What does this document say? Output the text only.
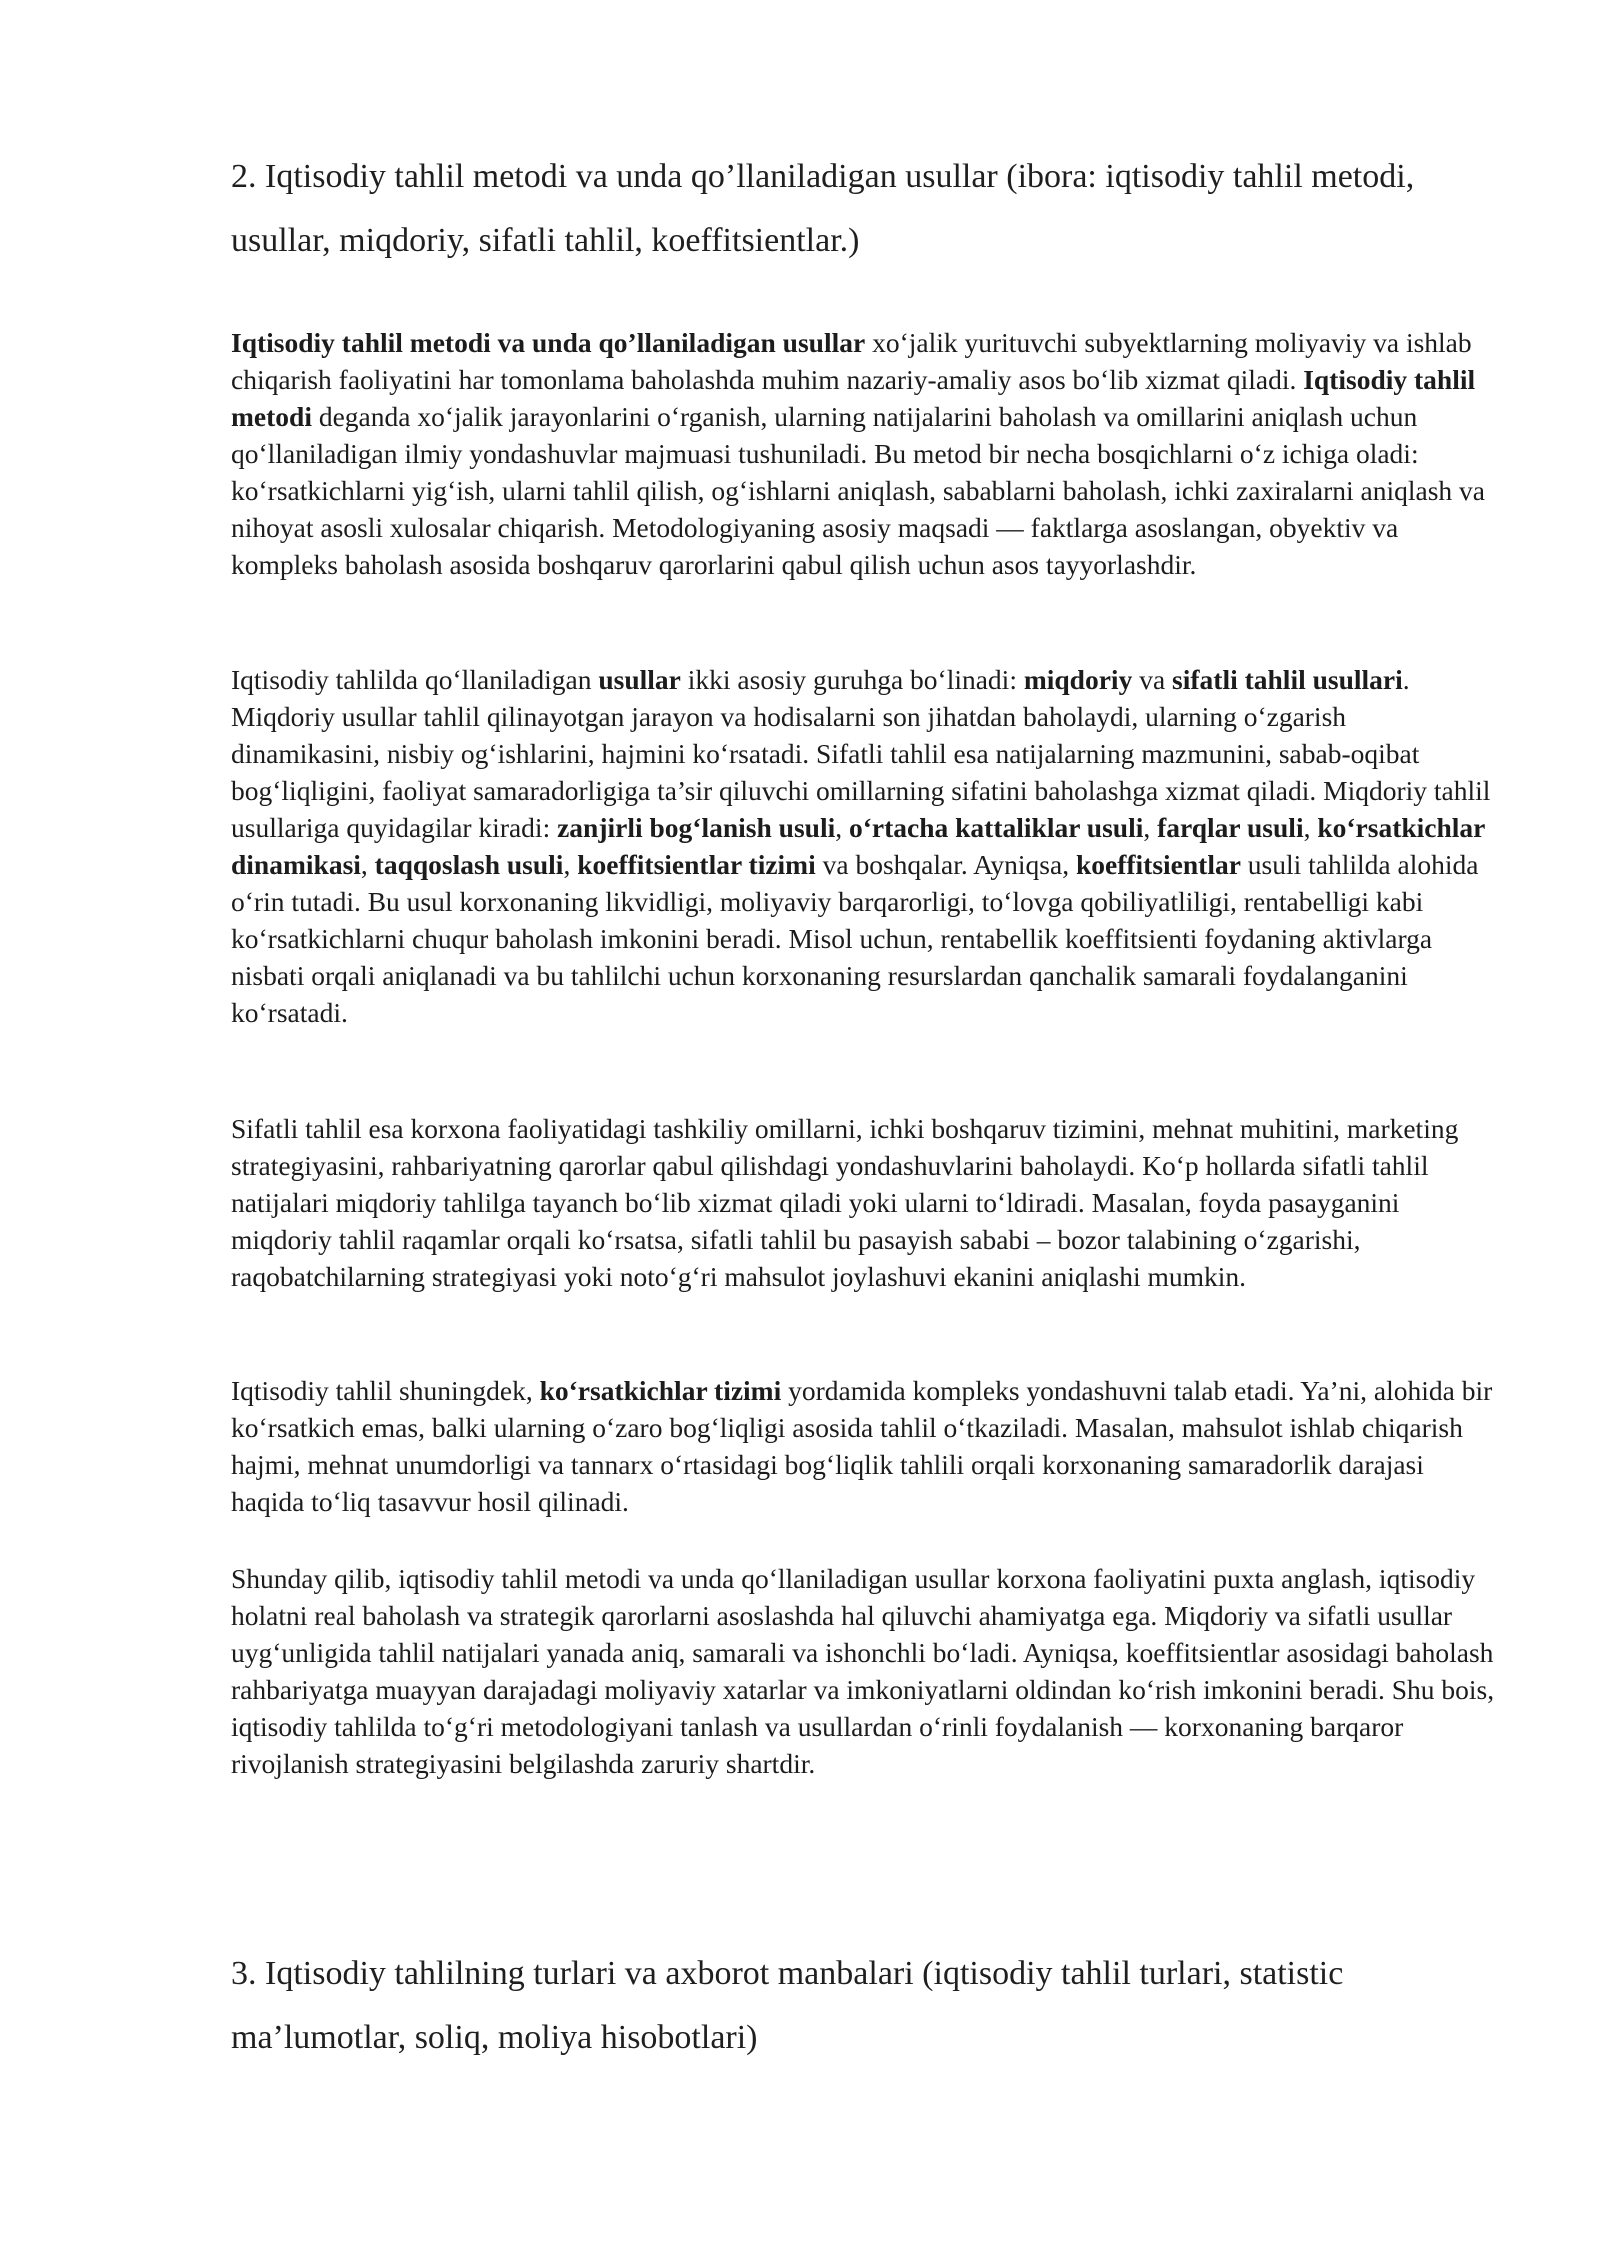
2. Iqtisodiy tahlil metodi va unda qo’llaniladigan usullar (ibora: iqtisodiy tahlil metodi, usullar, miqdoriy, sifatli tahlil, koeffitsientlar.)

Iqtisodiy tahlil metodi va unda qo’llaniladigan usullar xo‘jalik yurituvchi subyektlarning moliyaviy va ishlab chiqarish faoliyatini har tomonlama baholashda muhim nazariy-amaliy asos bo‘lib xizmat qiladi. Iqtisodiy tahlil metodi deganda xo‘jalik jarayonlarini o‘rganish, ularning natijalarini baholash va omillarini aniqlash uchun qo‘llaniladigan ilmiy yondashuvlar majmuasi tushuniladi. Bu metod bir necha bosqichlarni o‘z ichiga oladi: ko‘rsatkichlarni yig‘ish, ularni tahlil qilish, og‘ishlarni aniqlash, sabablarni baholash, ichki zaxiralarni aniqlash va nihoyat asosli xulosalar chiqarish. Metodologiyaning asosiy maqsadi — faktlarga asoslangan, obyektiv va kompleks baholash asosida boshqaruv qarorlarini qabul qilish uchun asos tayyorlashdir.

Iqtisodiy tahlilda qo‘llaniladigan usullar ikki asosiy guruhga bo‘linadi: miqdoriy va sifatli tahlil usullari. Miqdoriy usullar tahlil qilinayotgan jarayon va hodisalarni son jihatdan baholaydi, ularning o‘zgarish dinamikasini, nisbiy og‘ishlarini, hajmini ko‘rsatadi. Sifatli tahlil esa natijalarning mazmunini, sabab-oqibat bog‘liqligini, faoliyat samaradorligiga ta’sir qiluvchi omillarning sifatini baholashga xizmat qiladi. Miqdoriy tahlil usullariga quyidagilar kiradi: zanjirli bog‘lanish usuli, o‘rtacha kattaliklar usuli, farqlar usuli, ko‘rsatkichlar dinamikasi, taqqoslash usuli, koeffitsientlar tizimi va boshqalar. Ayniqsa, koeffitsientlar usuli tahlilda alohida o‘rin tutadi. Bu usul korxonaning likvidligi, moliyaviy barqarorligi, to‘lovga qobiliyatliligi, rentabelligi kabi ko‘rsatkichlarni chuqur baholash imkonini beradi. Misol uchun, rentabellik koeffitsienti foydaning aktivlarga nisbati orqali aniqlanadi va bu tahlilchi uchun korxonaning resurslardan qanchalik samarali foydalanganini ko‘rsatadi.

Sifatli tahlil esa korxona faoliyatidagi tashkiliy omillarni, ichki boshqaruv tizimini, mehnat muhitini, marketing strategiyasini, rahbariyatning qarorlar qabul qilishdagi yondashuvlarini baholaydi. Ko‘p hollarda sifatli tahlil natijalari miqdoriy tahlilga tayanch bo‘lib xizmat qiladi yoki ularni to‘ldiradi. Masalan, foyda pasayganini miqdoriy tahlil raqamlar orqali ko‘rsatsa, sifatli tahlil bu pasayish sababi – bozor talabining o‘zgarishi, raqobatchilarning strategiyasi yoki noto‘g‘ri mahsulot joylashuvi ekanini aniqlashi mumkin.

Iqtisodiy tahlil shuningdek, ko‘rsatkichlar tizimi yordamida kompleks yondashuvni talab etadi. Ya’ni, alohida bir ko‘rsatkich emas, balki ularning o‘zaro bog‘liqligi asosida tahlil o‘tkaziladi. Masalan, mahsulot ishlab chiqarish hajmi, mehnat unumdorligi va tannarx o‘rtasidagi bog‘liqlik tahlili orqali korxonaning samaradorlik darajasi haqida to‘liq tasavvur hosil qilinadi.

Shunday qilib, iqtisodiy tahlil metodi va unda qo‘llaniladigan usullar korxona faoliyatini puxta anglash, iqtisodiy holatni real baholash va strategik qarorlarni asoslashda hal qiluvchi ahamiyatga ega. Miqdoriy va sifatli usullar uyg‘unligida tahlil natijalari yanada aniq, samarali va ishonchli bo‘ladi. Ayniqsa, koeffitsientlar asosidagi baholash rahbariyatga muayyan darajadagi moliyaviy xatarlar va imkoniyatlarni oldindan ko‘rish imkonini beradi. Shu bois, iqtisodiy tahlilda to‘g‘ri metodologiyani tanlash va usullardan o‘rinli foydalanish — korxonaning barqaror rivojlanish strategiyasini belgilashda zaruriy shartdir.

3. Iqtisodiy tahlilning turlari va axborot manbalari (iqtisodiy tahlil turlari, statistic ma’lumotlar, soliq, moliya hisobotlari)
